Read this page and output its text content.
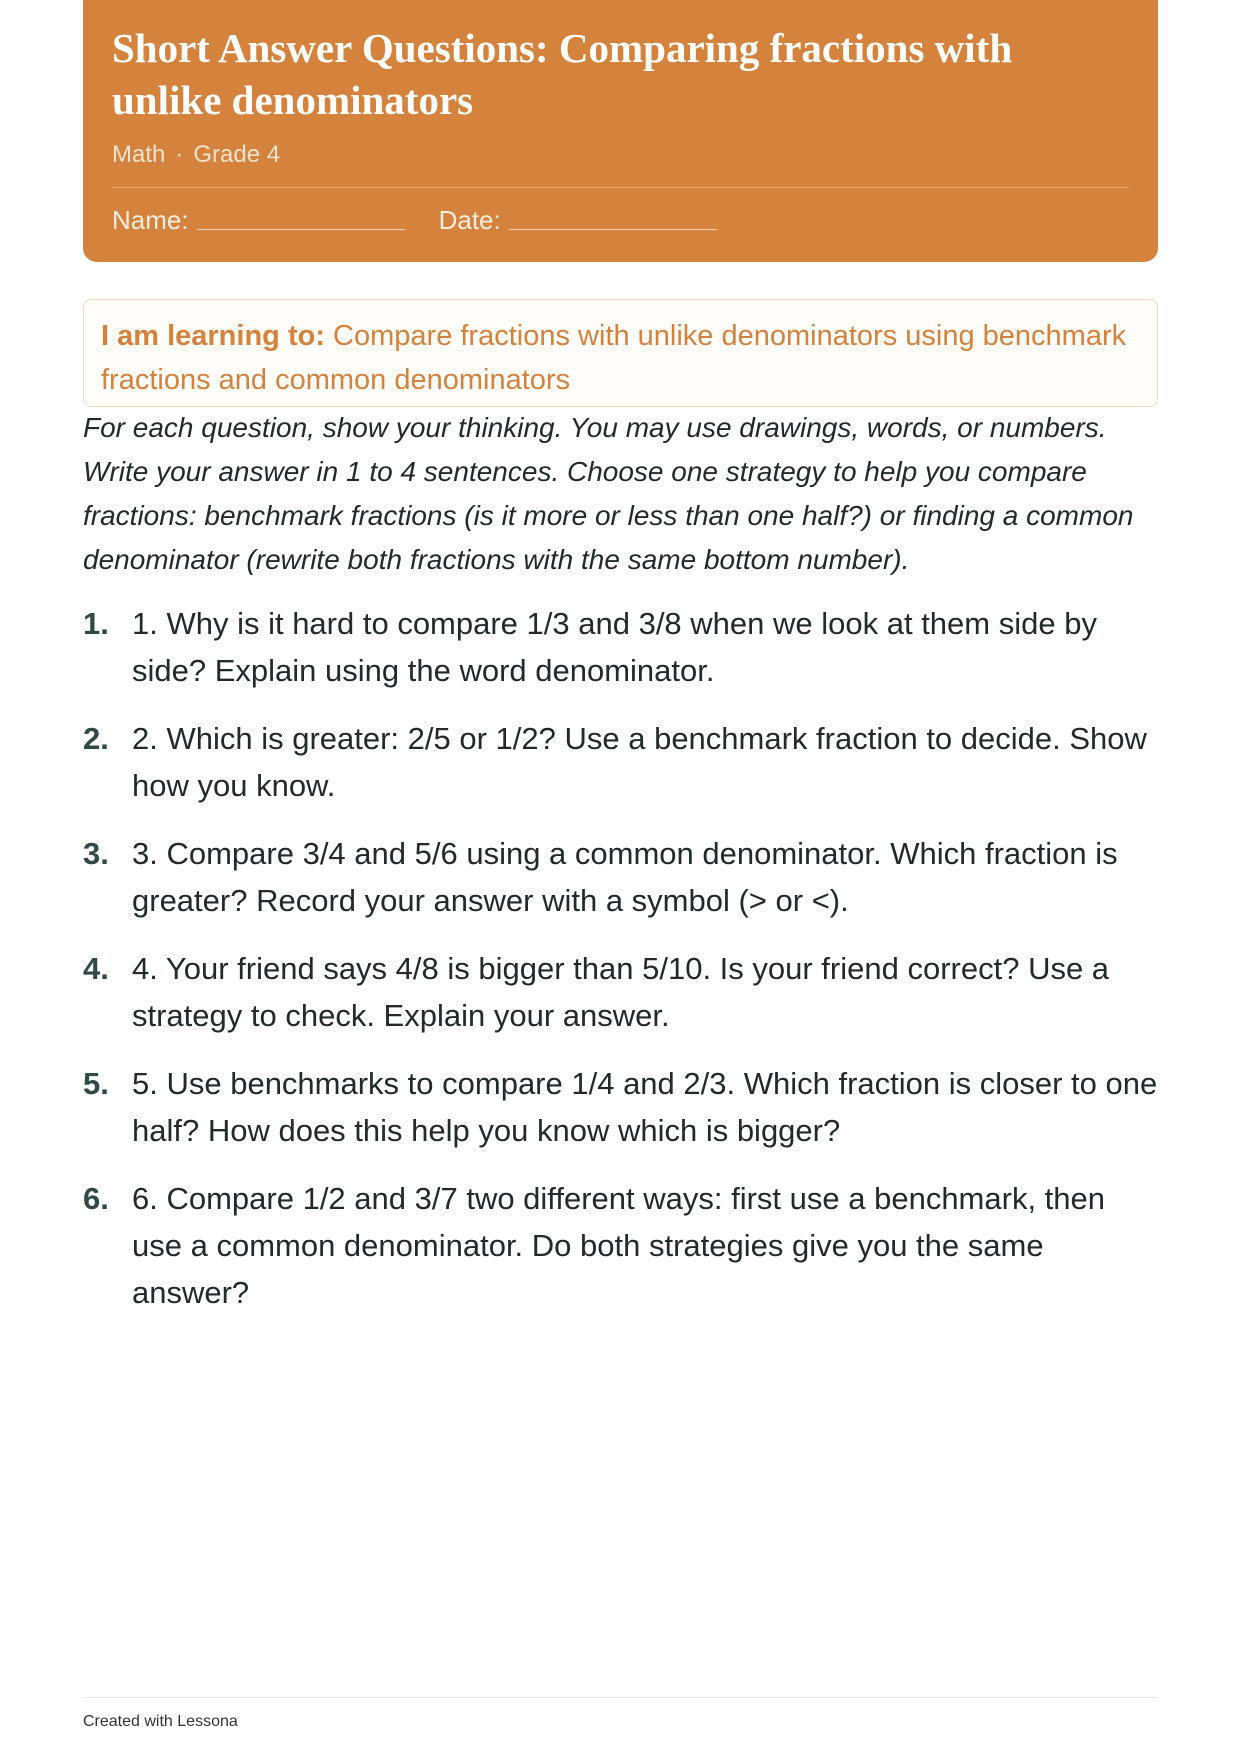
Short Answer Questions: Comparing fractions with unlike denominators
Math · Grade 4
Name:	Date:
I am learning to: Compare fractions with unlike denominators using benchmark fractions and common denominators

For each question, show your thinking. You may use drawings, words, or numbers. Write your answer in 1 to 4 sentences. Choose one strategy to help you compare fractions: benchmark fractions (is it more or less than one half?) or finding a common denominator (rewrite both fractions with the same bottom number).

1. 1. Why is it hard to compare 1/3 and 3/8 when we look at them side by side? Explain using the word denominator.
2. 2. Which is greater: 2/5 or 1/2? Use a benchmark fraction to decide. Show how you know.
3. 3. Compare 3/4 and 5/6 using a common denominator. Which fraction is greater? Record your answer with a symbol (> or <).
4. 4. Your friend says 4/8 is bigger than 5/10. Is your friend correct? Use a strategy to check. Explain your answer.
5. 5. Use benchmarks to compare 1/4 and 2/3. Which fraction is closer to one half? How does this help you know which is bigger?
6. 6. Compare 1/2 and 3/7 two different ways: first use a benchmark, then use a common denominator. Do both strategies give you the same answer?
Created with Lessona
